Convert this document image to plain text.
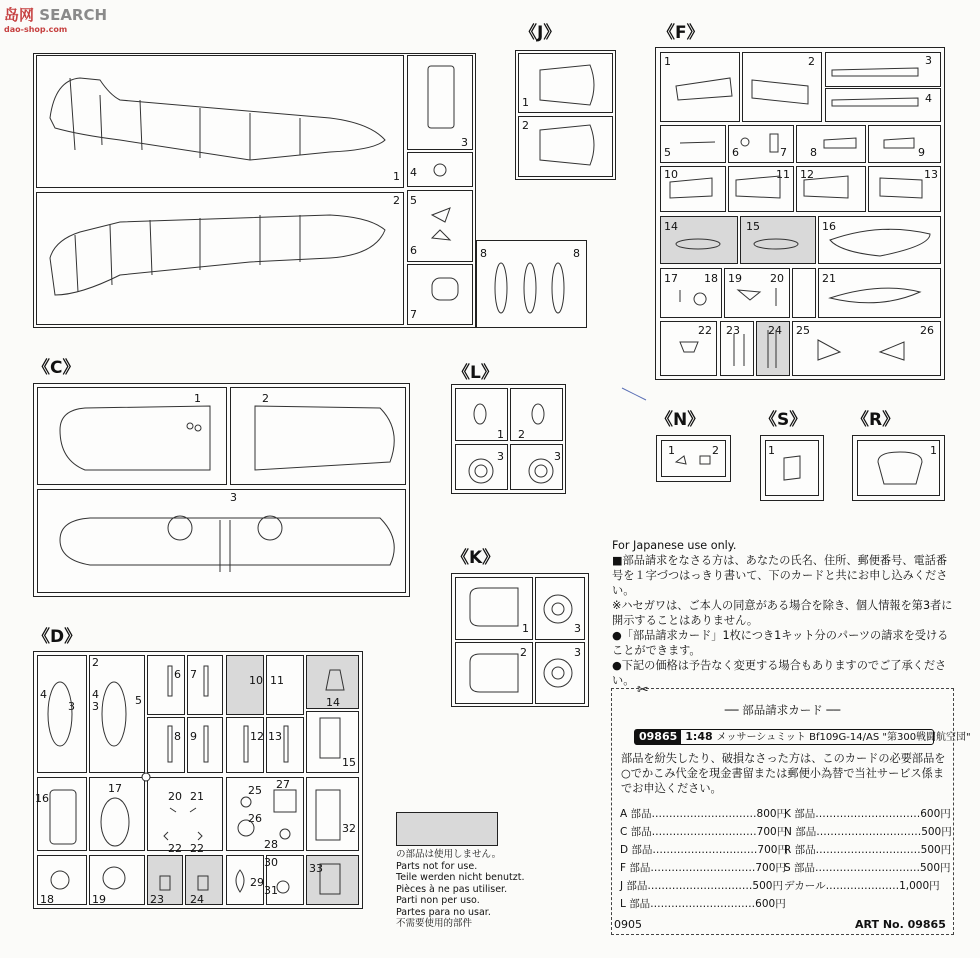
岛网 SEARCH
dao-shop.com
1
2
3
4
5
6
7
8	8
《J》
1
2
《F》
1	2	3
4
5	6	7 8	9
10	11 12	13
14	15	16
17 18 19	20	21
22 23	24 25	26
《C》
1	2
3
《L》
1 2
3	3
《N》
1	2
《S》
1
《R》
1
《K》
1	3
2	3
《D》
4
2
4
3	5
3
6 7	10 11
14
8 9	12 13
15
16
17
20 21
22 22
25 27
26
28
32
18	19	23 24
29
30
31
33
の部品は使用しません。
Parts not for use.
Teile werden nicht benutzt.
Pièces à ne pas utiliser.
Parti non per uso.
Partes para no usar.
不需要使用的部件

For Japanese use only.

■部品請求をなさる方は、あなたの氏名、住所、郵便番号、電話番号を１字づつはっきり書いて、下のカードと共にお申し込みください。

※ハセガワは、ご本人の同意がある場合を除き、個人情報を第3者に開示することはありません。

●「部品請求カード」1枚につき1キット分のパーツの請求を受けることができます。

●下記の価格は予告なく変更する場合もありますのでご了承ください。

✂
── 部品請求カード ──
09865 1:48 メッサーシュミット Bf109G-14/AS "第300戦闘航空団"
部品を紛失したり、破損なさった方は、このカードの必要部品を○でかこみ代金を現金書留または郵便小為替で当社サービス係までお申込ください。
A 部品…………………………800円
C 部品…………………………700円
D 部品…………………………700円
F 部品…………………………700円
J 部品…………………………500円
L 部品…………………………600円
K 部品…………………………600円
N 部品…………………………500円
R 部品…………………………500円
S 部品…………………………500円
デカール…………………1,000円
0905	ART No. 09865
